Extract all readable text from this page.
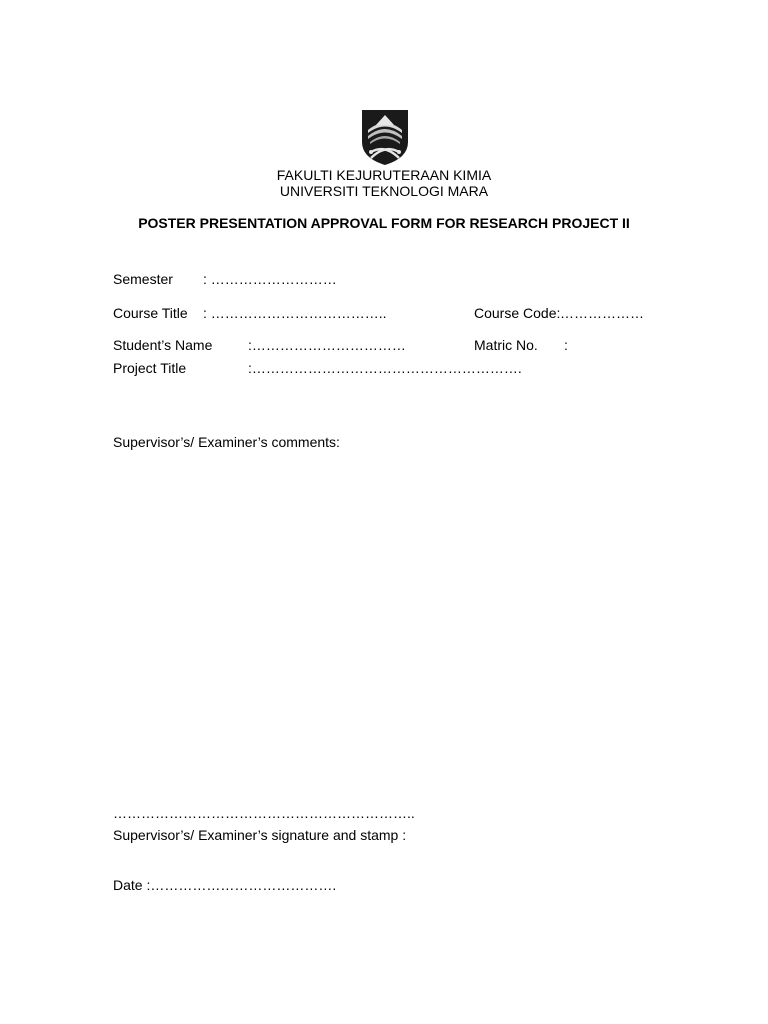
FAKULTI KEJURUTERAAN KIMIA
UNIVERSITI TEKNOLOGI MARA
POSTER PRESENTATION APPROVAL FORM FOR RESEARCH PROJECT II
Semester : ………………………
Course Title : ………………………………..	Course Code: ………………
Student’s Name	:……………………………	Matric No. :
Project Title	:………………………………………………….
Supervisor’s/ Examiner’s comments:
………………………………………………………..
Supervisor’s/ Examiner’s signature and stamp :
Date :………………………………….
